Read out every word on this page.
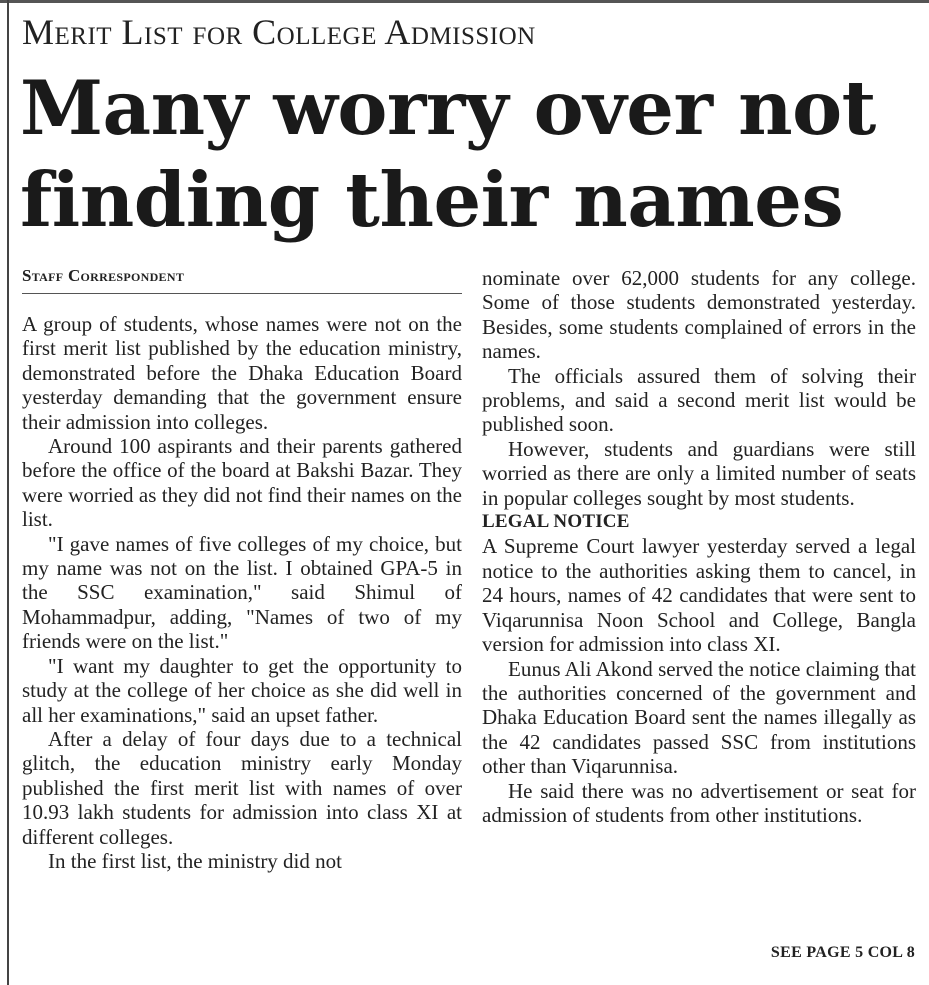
Merit List for College Admission
Many worry over not finding their names
Staff Correspondent

A group of students, whose names were not on the first merit list published by the education ministry, demonstrated before the Dhaka Education Board yesterday demanding that the government ensure their admission into colleges.

Around 100 aspirants and their parents gathered before the office of the board at Bakshi Bazar. They were worried as they did not find their names on the list.

"I gave names of five colleges of my choice, but my name was not on the list. I obtained GPA-5 in the SSC examination," said Shimul of Mohammadpur, adding, "Names of two of my friends were on the list."

"I want my daughter to get the opportunity to study at the college of her choice as she did well in all her examinations," said an upset father.

After a delay of four days due to a technical glitch, the education ministry early Monday published the first merit list with names of over 10.93 lakh students for admission into class XI at different colleges.

In the first list, the ministry did not

nominate over 62,000 students for any college. Some of those students demonstrated yesterday. Besides, some students complained of errors in the names.

The officials assured them of solving their problems, and said a second merit list would be published soon.

However, students and guardians were still worried as there are only a limited number of seats in popular colleges sought by most students.

LEGAL NOTICE

A Supreme Court lawyer yesterday served a legal notice to the authorities asking them to cancel, in 24 hours, names of 42 candidates that were sent to Viqarunnisa Noon School and College, Bangla version for admission into class XI.

Eunus Ali Akond served the notice claiming that the authorities concerned of the government and Dhaka Education Board sent the names illegally as the 42 candidates passed SSC from institutions other than Viqarunnisa.

He said there was no advertisement or seat for admission of students from other institutions.

SEE PAGE 5 COL 8
